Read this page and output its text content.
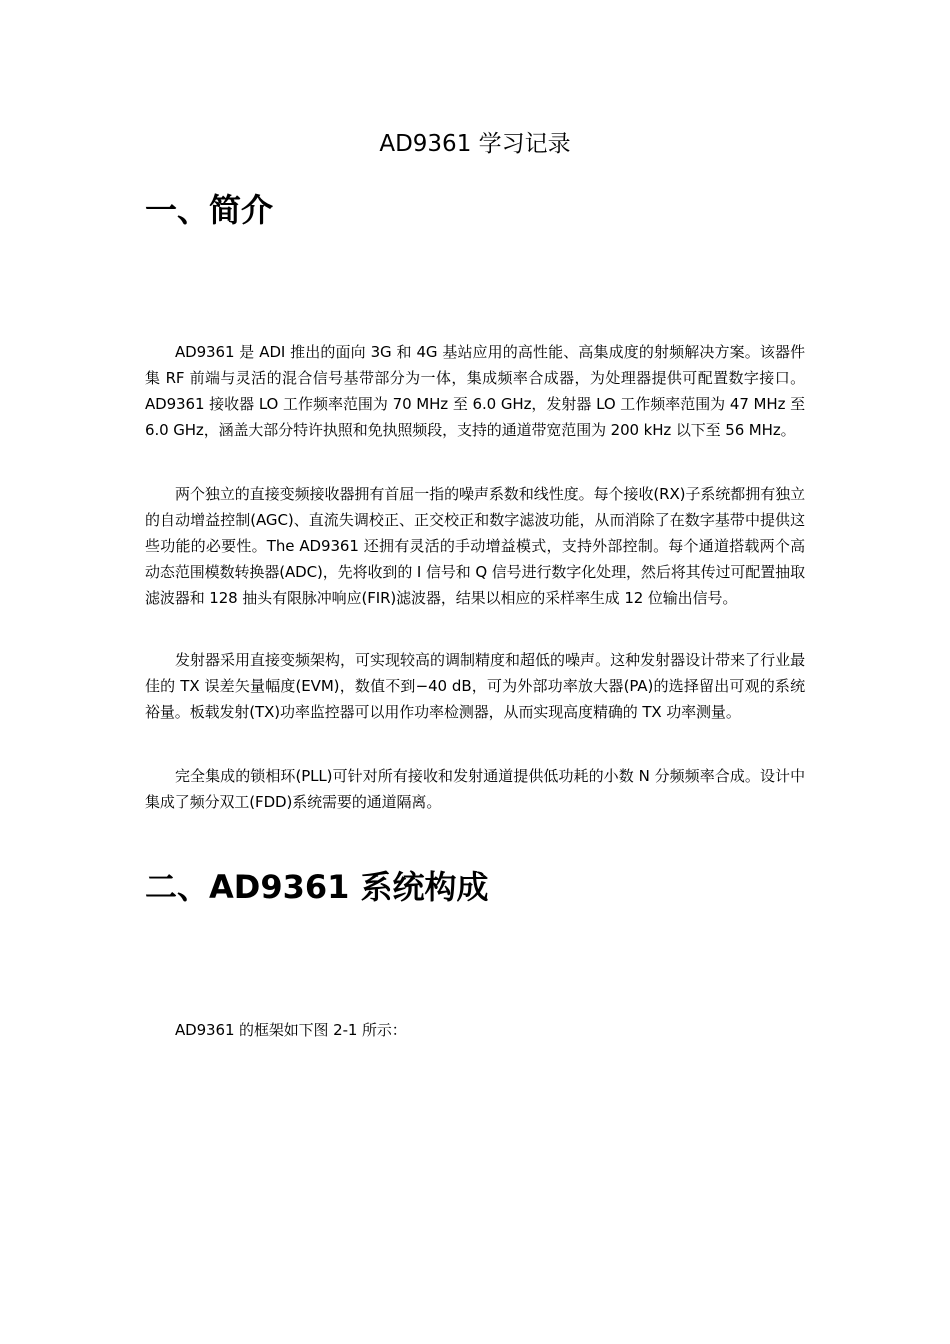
AD9361 学习记录
一、简介

AD9361 是 ADI 推出的面向 3G 和 4G 基站应用的高性能、高集成度的射频解决方案。该器件集 RF 前端与灵活的混合信号基带部分为一体，集成频率合成器，为处理器提供可配置数字接口。AD9361 接收器 LO 工作频率范围为 70 MHz 至 6.0 GHz，发射器 LO 工作频率范围为 47 MHz 至 6.0 GHz，涵盖大部分特许执照和免执照频段，支持的通道带宽范围为 200 kHz 以下至 56 MHz。

两个独立的直接变频接收器拥有首屈一指的噪声系数和线性度。每个接收(RX)子系统都拥有独立的自动增益控制(AGC)、直流失调校正、正交校正和数字滤波功能，从而消除了在数字基带中提供这些功能的必要性。The AD9361 还拥有灵活的手动增益模式，支持外部控制。每个通道搭载两个高动态范围模数转换器(ADC)，先将收到的 I 信号和 Q 信号进行数字化处理，然后将其传过可配置抽取滤波器和 128 抽头有限脉冲响应(FIR)滤波器，结果以相应的采样率生成 12 位输出信号。

发射器采用直接变频架构，可实现较高的调制精度和超低的噪声。这种发射器设计带来了行业最佳的 TX 误差矢量幅度(EVM)，数值不到−40 dB，可为外部功率放大器(PA)的选择留出可观的系统裕量。板载发射(TX)功率监控器可以用作功率检测器，从而实现高度精确的 TX 功率测量。

完全集成的锁相环(PLL)可针对所有接收和发射通道提供低功耗的小数 N 分频频率合成。设计中集成了频分双工(FDD)系统需要的通道隔离。

二、AD9361 系统构成

AD9361 的框架如下图 2-1 所示：
